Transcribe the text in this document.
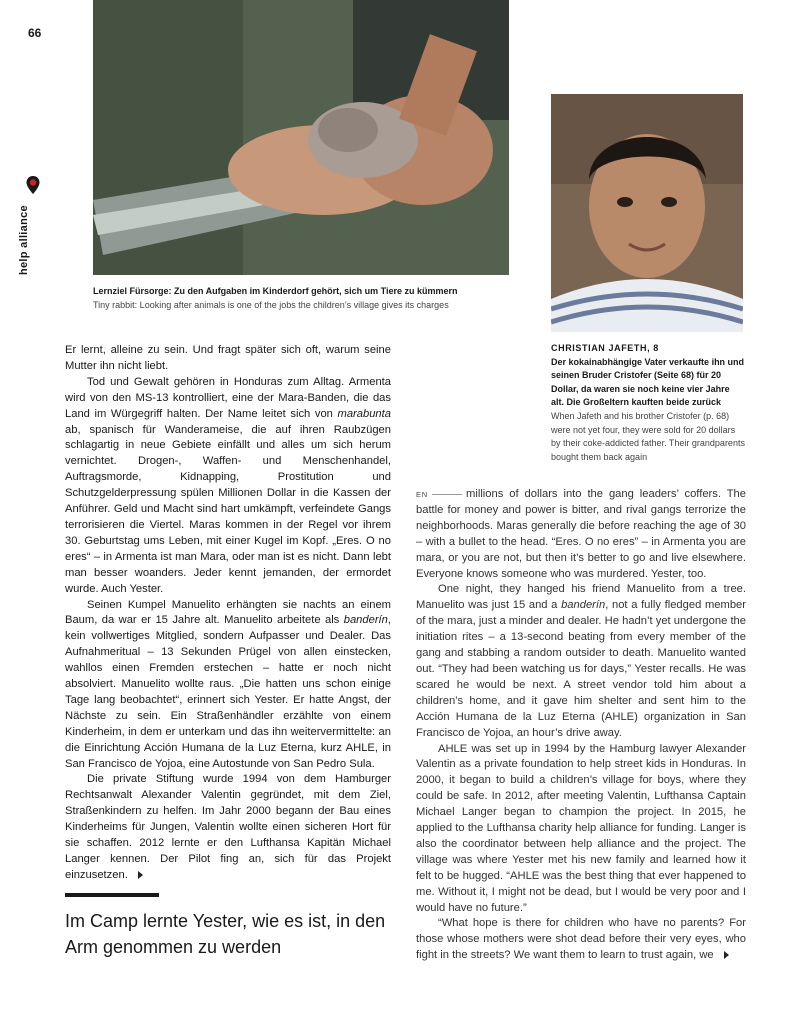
66
help alliance
Lernziel Fürsorge: Zu den Aufgaben im Kinderdorf gehört, sich um Tiere zu kümmern
Tiny rabbit: Looking after animals is one of the jobs the children’s village gives its charges
CHRISTIAN JAFETH, 8
Der kokainabhängige Vater verkaufte ihn und seinen Bruder Cristofer (Seite 68) für 20 Dollar, da waren sie noch keine vier Jahre alt. Die Großeltern kauften beide zurück
When Jafeth and his brother Cristofer (p. 68) were not yet four, they were sold for 20 dollars by their coke-addicted father. Their grandparents bought them back again

Er lernt, alleine zu sein. Und fragt später sich oft, warum seine Mutter ihn nicht liebt.

Tod und Gewalt gehören in Honduras zum Alltag. Armenta wird von den MS-13 kontrolliert, eine der Mara-Banden, die das Land im Würgegriff halten. Der Name leitet sich von marabunta ab, spanisch für Wanderameise, die auf ihren Raubzügen schlagartig in neue Gebiete einfällt und alles um sich herum vernichtet. Drogen-, Waffen- und Menschenhandel, Auftragsmorde, Kidnapping, Prostitution und Schutzgelderpressung spülen Millionen Dollar in die Kassen der Anführer. Geld und Macht sind hart umkämpft, verfeindete Gangs terrorisieren die Viertel. Maras kommen in der Regel vor ihrem 30. Geburtstag ums Leben, mit einer Kugel im Kopf. „Eres. O no eres“ – in Armenta ist man Mara, oder man ist es nicht. Dann lebt man besser woanders. Jeder kennt jemanden, der ermordet wurde. Auch Yester.

Seinen Kumpel Manuelito erhängten sie nachts an einem Baum, da war er 15 Jahre alt. Manuelito arbeitete als banderín, kein vollwertiges Mitglied, sondern Aufpasser und Dealer. Das Aufnahmeritual – 13 Sekunden Prügel von allen einstecken, wahllos einen Fremden erstechen – hatte er noch nicht absolviert. Manuelito wollte raus. „Die hatten uns schon einige Tage lang beobachtet“, erinnert sich Yester. Er hatte Angst, der Nächste zu sein. Ein Straßenhändler erzählte von einem Kinderheim, in dem er unterkam und das ihn weitervermittelte: an die Einrichtung Acción Humana de la Luz Eterna, kurz AHLE, in San Francisco de Yojoa, eine Autostunde von San Pedro Sula.

Die private Stiftung wurde 1994 von dem Hamburger Rechtsanwalt Alexander Valentin gegründet, mit dem Ziel, Straßenkindern zu helfen. Im Jahr 2000 begann der Bau eines Kinderheims für Jungen, Valentin wollte einen sicheren Hort für sie schaffen. 2012 lernte er den Lufthansa Kapitän Michael Langer kennen. Der Pilot fing an, sich für das Projekt einzusetzen.

EN	millions of dollars into the gang leaders’ coffers. The battle for money and power is bitter, and rival gangs terrorize the neighborhoods. Maras generally die before reaching the age of 30 – with a bullet to the head. “Eres. O no eres” – in Armenta you are mara, or you are not, but then it’s better to go and live elsewhere. Everyone knows someone who was murdered. Yester, too.

One night, they hanged his friend Manuelito from a tree. Manuelito was just 15 and a banderín, not a fully fledged member of the mara, just a minder and dealer. He hadn’t yet undergone the initiation rites – a 13-second beating from every member of the gang and stabbing a random outsider to death. Manuelito wanted out. “They had been watching us for days,” Yester recalls. He was scared he would be next. A street vendor told him about a children’s home, and it gave him shelter and sent him to the Acción Humana de la Luz Eterna (AHLE) organization in San Francisco de Yojoa, an hour’s drive away.

AHLE was set up in 1994 by the Hamburg lawyer Alexander Valentin as a private foundation to help street kids in Honduras. In 2000, it began to build a children’s village for boys, where they could be safe. In 2012, after meeting Valentin, Lufthansa Captain Michael Langer began to champion the project. In 2015, he applied to the Lufthansa charity help alliance for funding. Langer is also the coordinator between help alliance and the project. The village was where Yester met his new family and learned how it felt to be hugged. “AHLE was the best thing that ever happened to me. Without it, I might not be dead, but I would be very poor and I would have no future.”

“What hope is there for children who have no parents? For those whose mothers were shot dead before their very eyes, who fight in the streets? We want them to learn to trust again, we

Im Camp lernte Yester, wie es ist, in den Arm genommen zu werden
